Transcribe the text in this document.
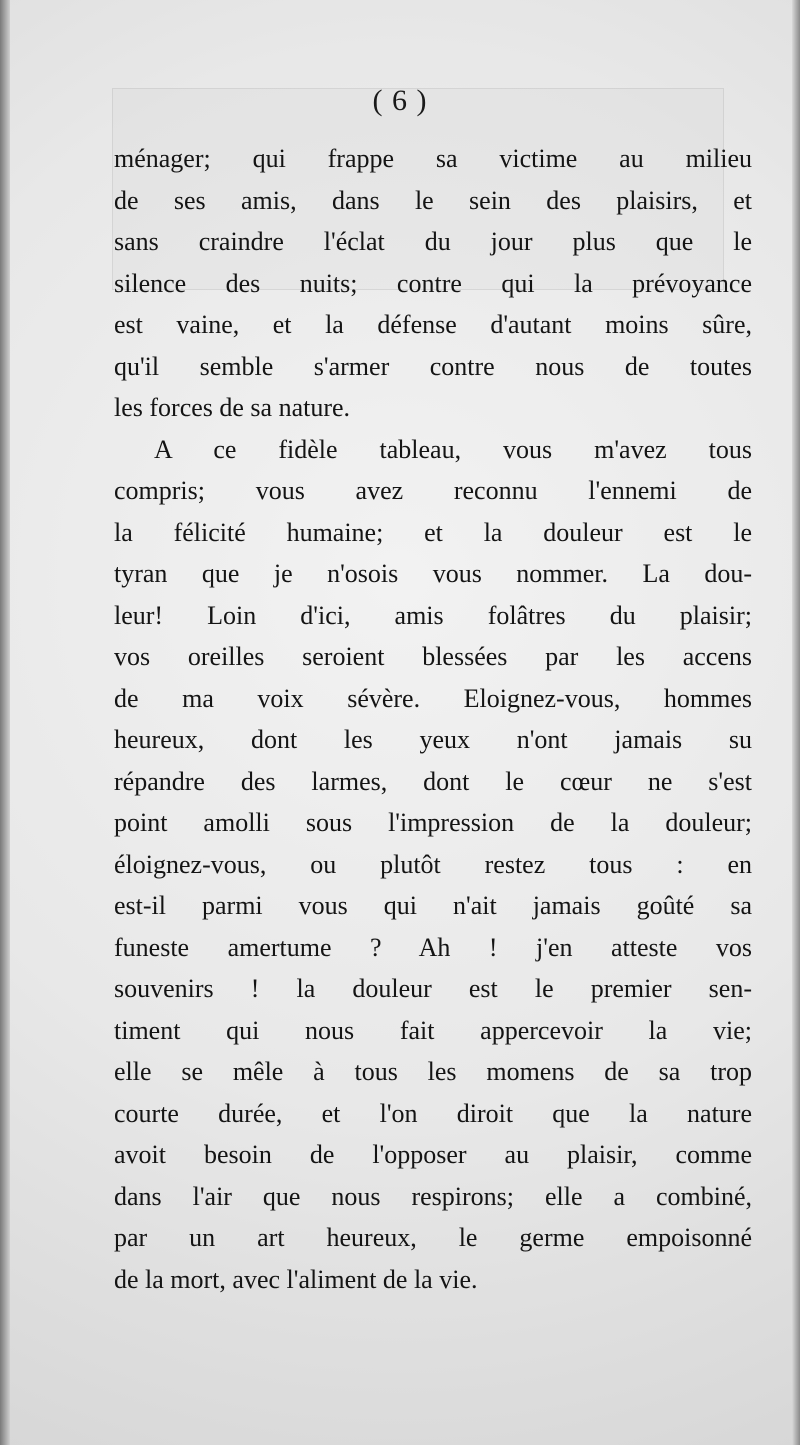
( 6 )
ménager; qui frappe sa victime au milieu
de ses amis, dans le sein des plaisirs, et
sans craindre l'éclat du jour plus que le
silence des nuits; contre qui la prévoyance
est vaine, et la défense d'autant moins sûre,
qu'il semble s'armer contre nous de toutes
les forces de sa nature.
A ce fidèle tableau, vous m'avez tous
compris; vous avez reconnu l'ennemi de
la félicité humaine; et la douleur est le
tyran que je n'osois vous nommer. La dou-
leur! Loin d'ici, amis folâtres du plaisir;
vos oreilles seroient blessées par les accens
de ma voix sévère. Eloignez-vous, hommes
heureux, dont les yeux n'ont jamais su
répandre des larmes, dont le cœur ne s'est
point amolli sous l'impression de la douleur;
éloignez-vous, ou plutôt restez tous : en
est-il parmi vous qui n'ait jamais goûté sa
funeste amertume ? Ah ! j'en atteste vos
souvenirs ! la douleur est le premier sen-
timent qui nous fait appercevoir la vie;
elle se mêle à tous les momens de sa trop
courte durée, et l'on diroit que la nature
avoit besoin de l'opposer au plaisir, comme
dans l'air que nous respirons; elle a combiné,
par un art heureux, le germe empoisonné
de la mort, avec l'aliment de la vie.
